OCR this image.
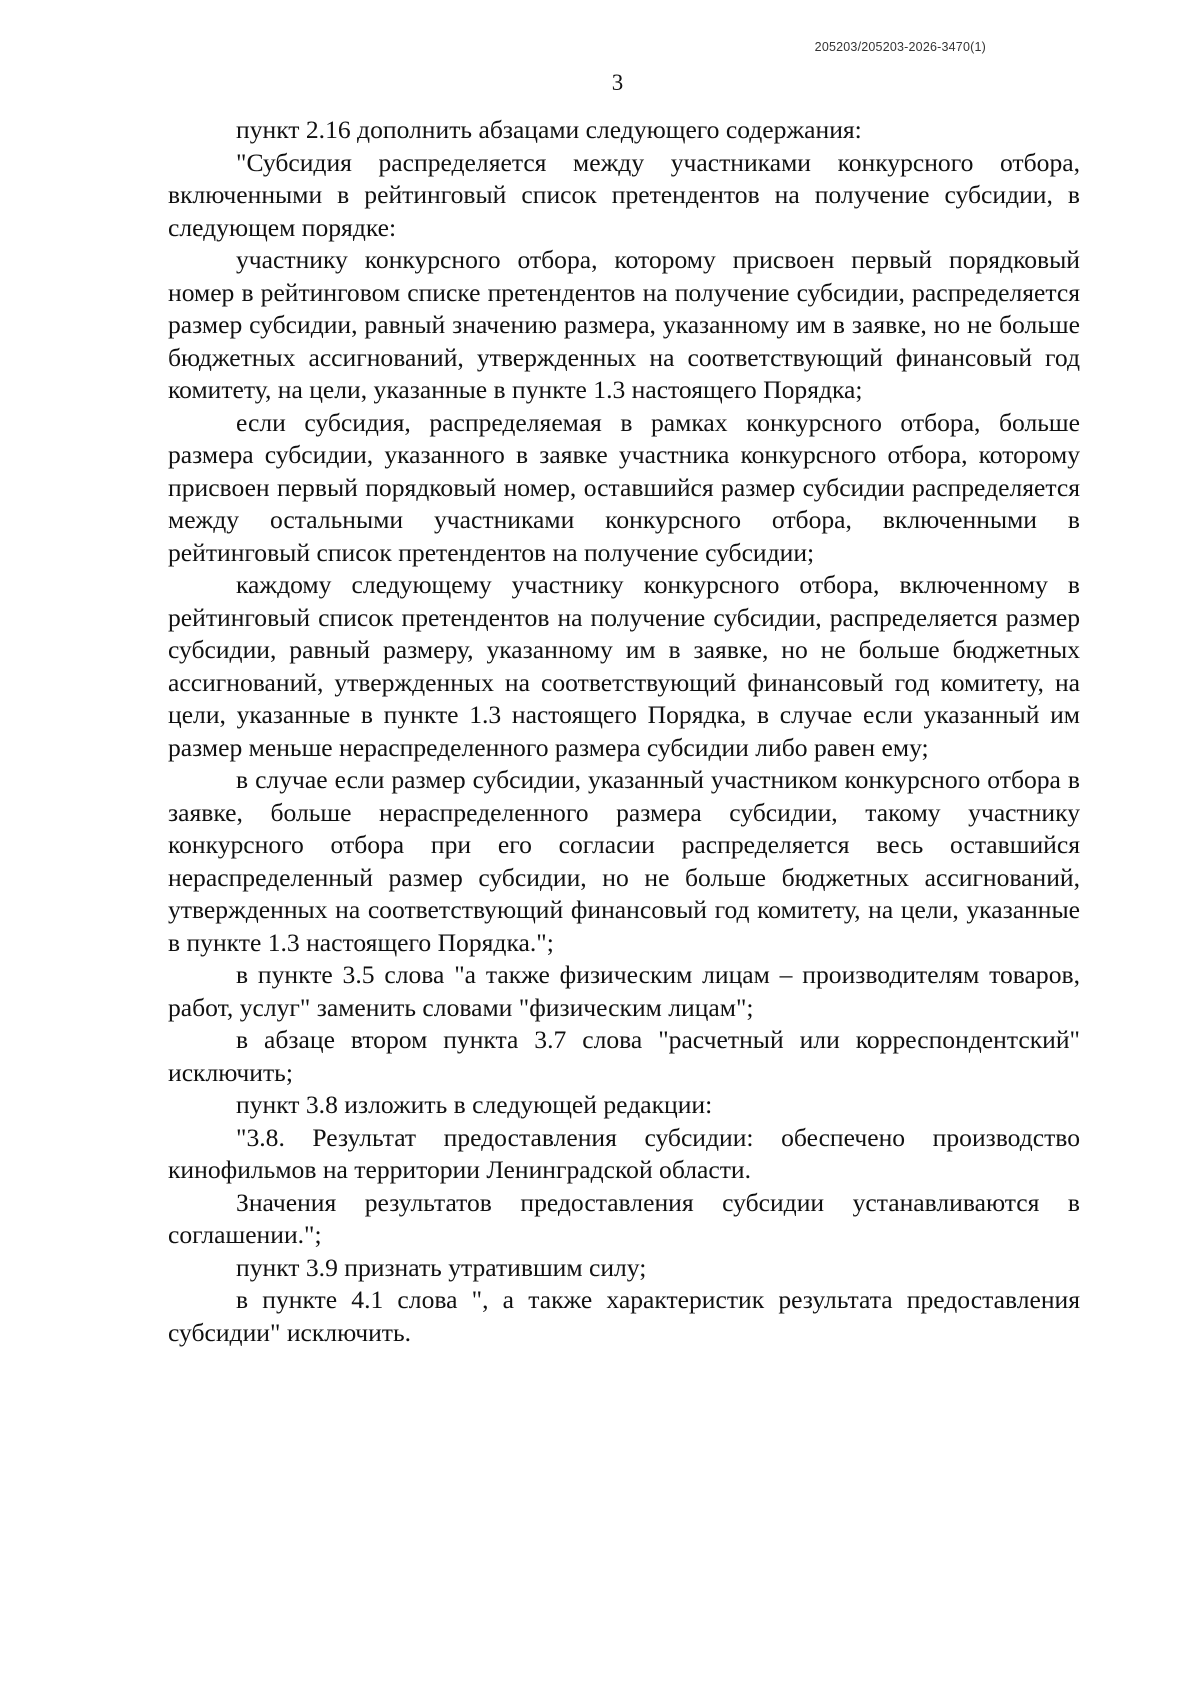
205203/205203-2026-3470(1)
3

пункт 2.16 дополнить абзацами следующего содержания:

"Субсидия распределяется между участниками конкурсного отбора, включенными в рейтинговый список претендентов на получение субсидии, в следующем порядке:

участнику конкурсного отбора, которому присвоен первый порядковый номер в рейтинговом списке претендентов на получение субсидии, распределяется размер субсидии, равный значению размера, указанному им в заявке, но не больше бюджетных ассигнований, утвержденных на соответствующий финансовый год комитету, на цели, указанные в пункте 1.3 настоящего Порядка;

если субсидия, распределяемая в рамках конкурсного отбора, больше размера субсидии, указанного в заявке участника конкурсного отбора, которому присвоен первый порядковый номер, оставшийся размер субсидии распределяется между остальными участниками конкурсного отбора, включенными в рейтинговый список претендентов на получение субсидии;

каждому следующему участнику конкурсного отбора, включенному в рейтинговый список претендентов на получение субсидии, распределяется размер субсидии, равный размеру, указанному им в заявке, но не больше бюджетных ассигнований, утвержденных на соответствующий финансовый год комитету, на цели, указанные в пункте 1.3 настоящего Порядка, в случае если указанный им размер меньше нераспределенного размера субсидии либо равен ему;

в случае если размер субсидии, указанный участником конкурсного отбора в заявке, больше нераспределенного размера субсидии, такому участнику конкурсного отбора при его согласии распределяется весь оставшийся нераспределенный размер субсидии, но не больше бюджетных ассигнований, утвержденных на соответствующий финансовый год комитету, на цели, указанные в пункте 1.3 настоящего Порядка.";

в пункте 3.5 слова "а также физическим лицам – производителям товаров, работ, услуг" заменить словами "физическим лицам";

в абзаце втором пункта 3.7 слова "расчетный или корреспондентский" исключить;

пункт 3.8 изложить в следующей редакции:

"3.8. Результат предоставления субсидии: обеспечено производство кинофильмов на территории Ленинградской области.

Значения результатов предоставления субсидии устанавливаются в соглашении.";

пункт 3.9 признать утратившим силу;

в пункте 4.1 слова ", а также характеристик результата предоставления субсидии" исключить.
